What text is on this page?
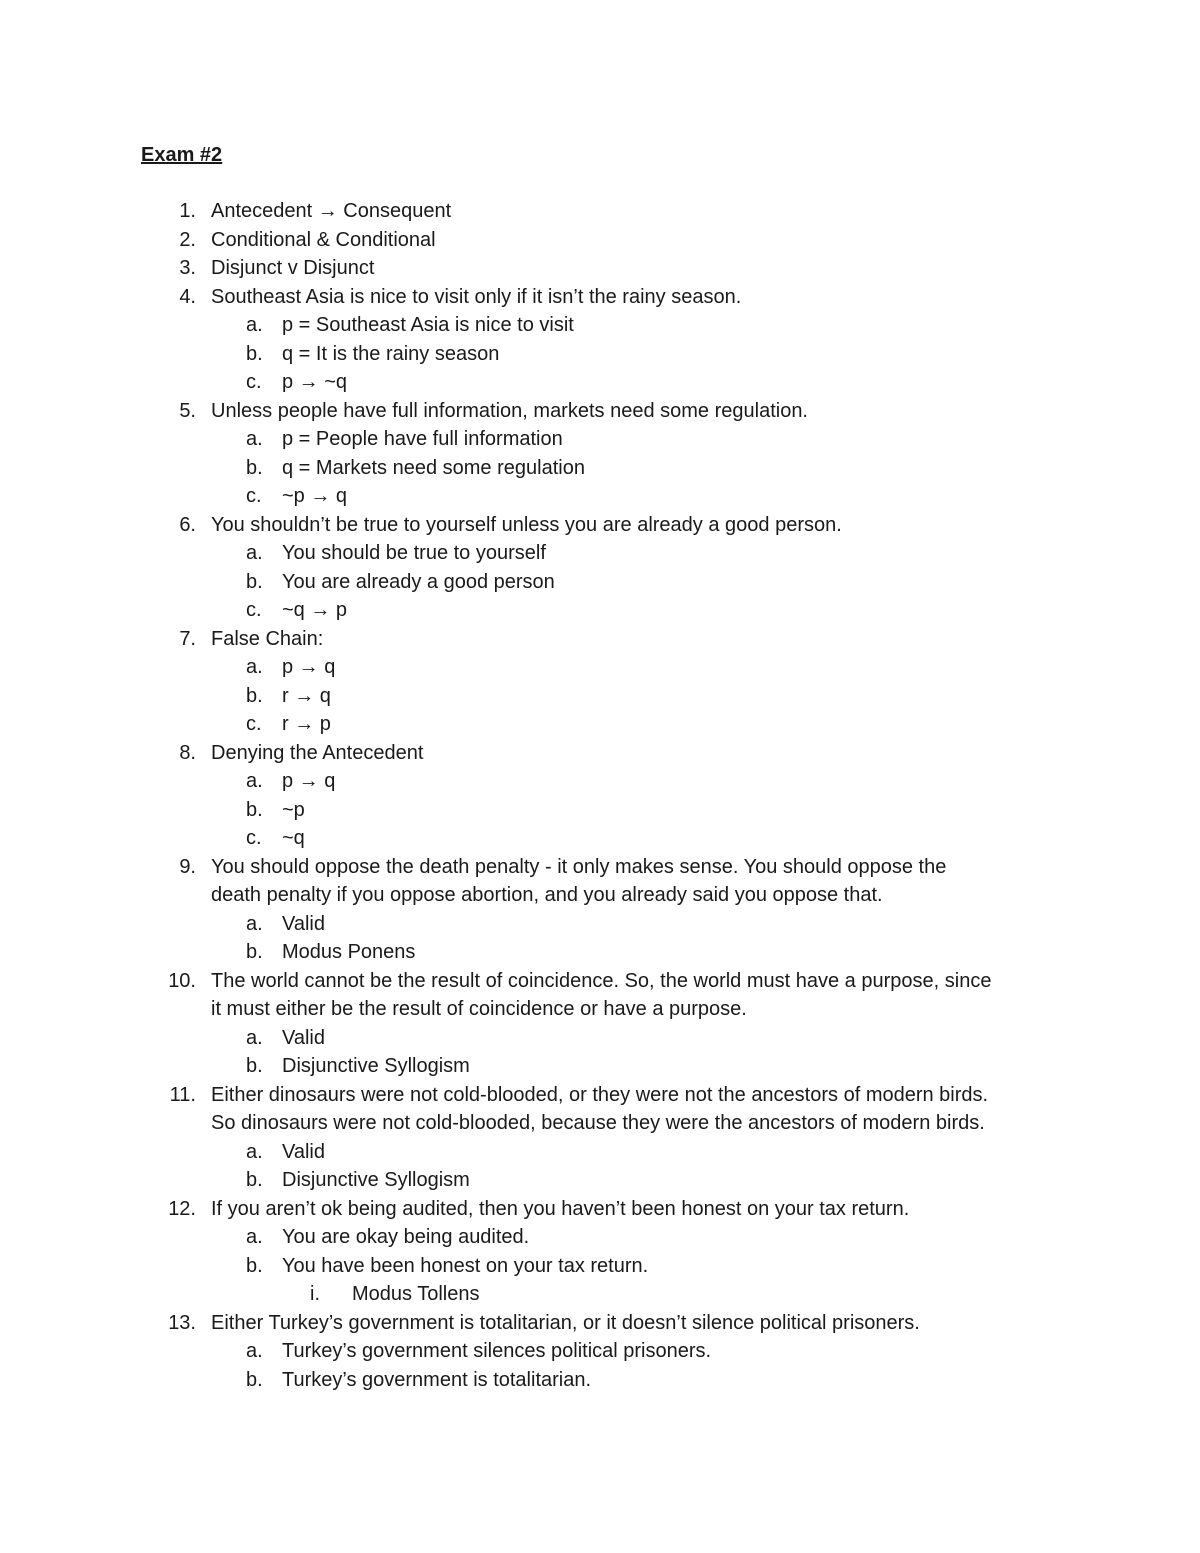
Exam #2
1. Antecedent → Consequent
2. Conditional & Conditional
3. Disjunct v Disjunct
4. Southeast Asia is nice to visit only if it isn’t the rainy season.
a. p = Southeast Asia is nice to visit
b. q = It is the rainy season
c. p → ~q
5. Unless people have full information, markets need some regulation.
a. p = People have full information
b. q = Markets need some regulation
c. ~p → q
6. You shouldn’t be true to yourself unless you are already a good person.
a. You should be true to yourself
b. You are already a good person
c. ~q → p
7. False Chain:
a. p → q
b. r → q
c. r → p
8. Denying the Antecedent
a. p → q
b. ~p
c. ~q
9. You should oppose the death penalty - it only makes sense. You should oppose the
death penalty if you oppose abortion, and you already said you oppose that.
a. Valid
b. Modus Ponens
10. The world cannot be the result of coincidence. So, the world must have a purpose, since
it must either be the result of coincidence or have a purpose.
a. Valid
b. Disjunctive Syllogism
11. Either dinosaurs were not cold-blooded, or they were not the ancestors of modern birds.
So dinosaurs were not cold-blooded, because they were the ancestors of modern birds.
a. Valid
b. Disjunctive Syllogism
12. If you aren’t ok being audited, then you haven’t been honest on your tax return.
a. You are okay being audited.
b. You have been honest on your tax return.
i. Modus Tollens
13. Either Turkey’s government is totalitarian, or it doesn’t silence political prisoners.
a. Turkey’s government silences political prisoners.
b. Turkey’s government is totalitarian.
